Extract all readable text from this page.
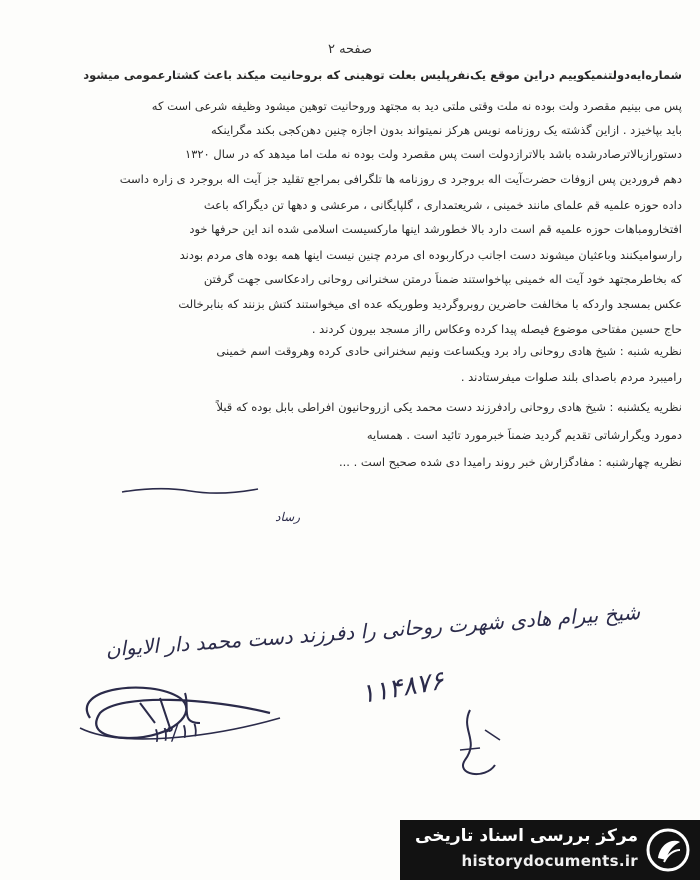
صفحه ۲
شماره‌ایه‌دولتنمیکوییم دراین موقع یک‌نفرپلیس بعلت توهینی که بروحانیت میکند باعث کشتارعمومی میشود
پس می بینیم مقصرد ولت بوده نه ملت وقتی ملتی دید به مجتهد وروحانیت توهین میشود وظیفه شرعی است که
باید بپاخیزد . ازاین گذشته یک روزنامه نویس هرکز نمیتواند بدون اجازه چنین دهن‌کجی بکند مگراینکه
دستورازبالاترصادرشده باشد بالاترازدولت است پس مقصرد ولت بوده نه ملت اما میدهد که در سال ۱۳۲۰
دهم فروردین پس ازوفات حضرت‌آیت اله بروجرد ی روزنامه ها تلگرافی بمراجع تقلید جز آیت اله بروجرد ی زاره داست
داده حوزه علمیه قم علمای مانند خمینی ، شریعتمداری ، گلپایگانی ، مرعشی و دهها تن دیگراکه باعث
افتخارومباهات حوزه علمیه قم است دارد بالا خطورشد اینها مارکسیست اسلامی شده اند این حرفها خود
رارسوامیکنند وباعثیان میشوند دست اجانب درکاربوده ای مردم چنین نیست اینها همه بوده های مردم بودند
که بخاطرمجتهد خود آیت اله خمینی بپاخواستند ضمناً درمتن سخنرانی روحانی رادعکاسی جهت گرفتن
عکس بمسجد واردکه با مخالفت حاضرین روبروگردید وطوریکه عده ای میخواستند کتش بزنند که بنابرخالت
حاج حسین مفتاحی موضوع فیصله پیدا کرده وعکاس رااز مسجد بیرون کردند .
نظریه شنبه : شیخ هادی روحانی راد برد ویکساعت ونیم سخنرانی حادی کرده وهروقت اسم خمینی
رامیبرد مردم باصدای بلند صلوات میفرستادند .
نظریه یکشنبه : شیخ هادی روحانی رادفرزند دست محمد یکی ازروحانیون افراطی بابل بوده که قبلاً
دمورد ویگرارشاتی تقدیم گردید ضمناً خبرمورد تائید است . همسایه
نظریه چهارشنبه : مفادگزارش خبر روند رامیدا دی شده صحیح است . ...
رساد
شیخ بیرام هادی شهرت روحانی را دفرزند دست محمد دار الایوان
۱۱۴۸۷۶
۱۳/۱۱
مرکز بررسی اسناد تاریخی
historydocuments.ir
